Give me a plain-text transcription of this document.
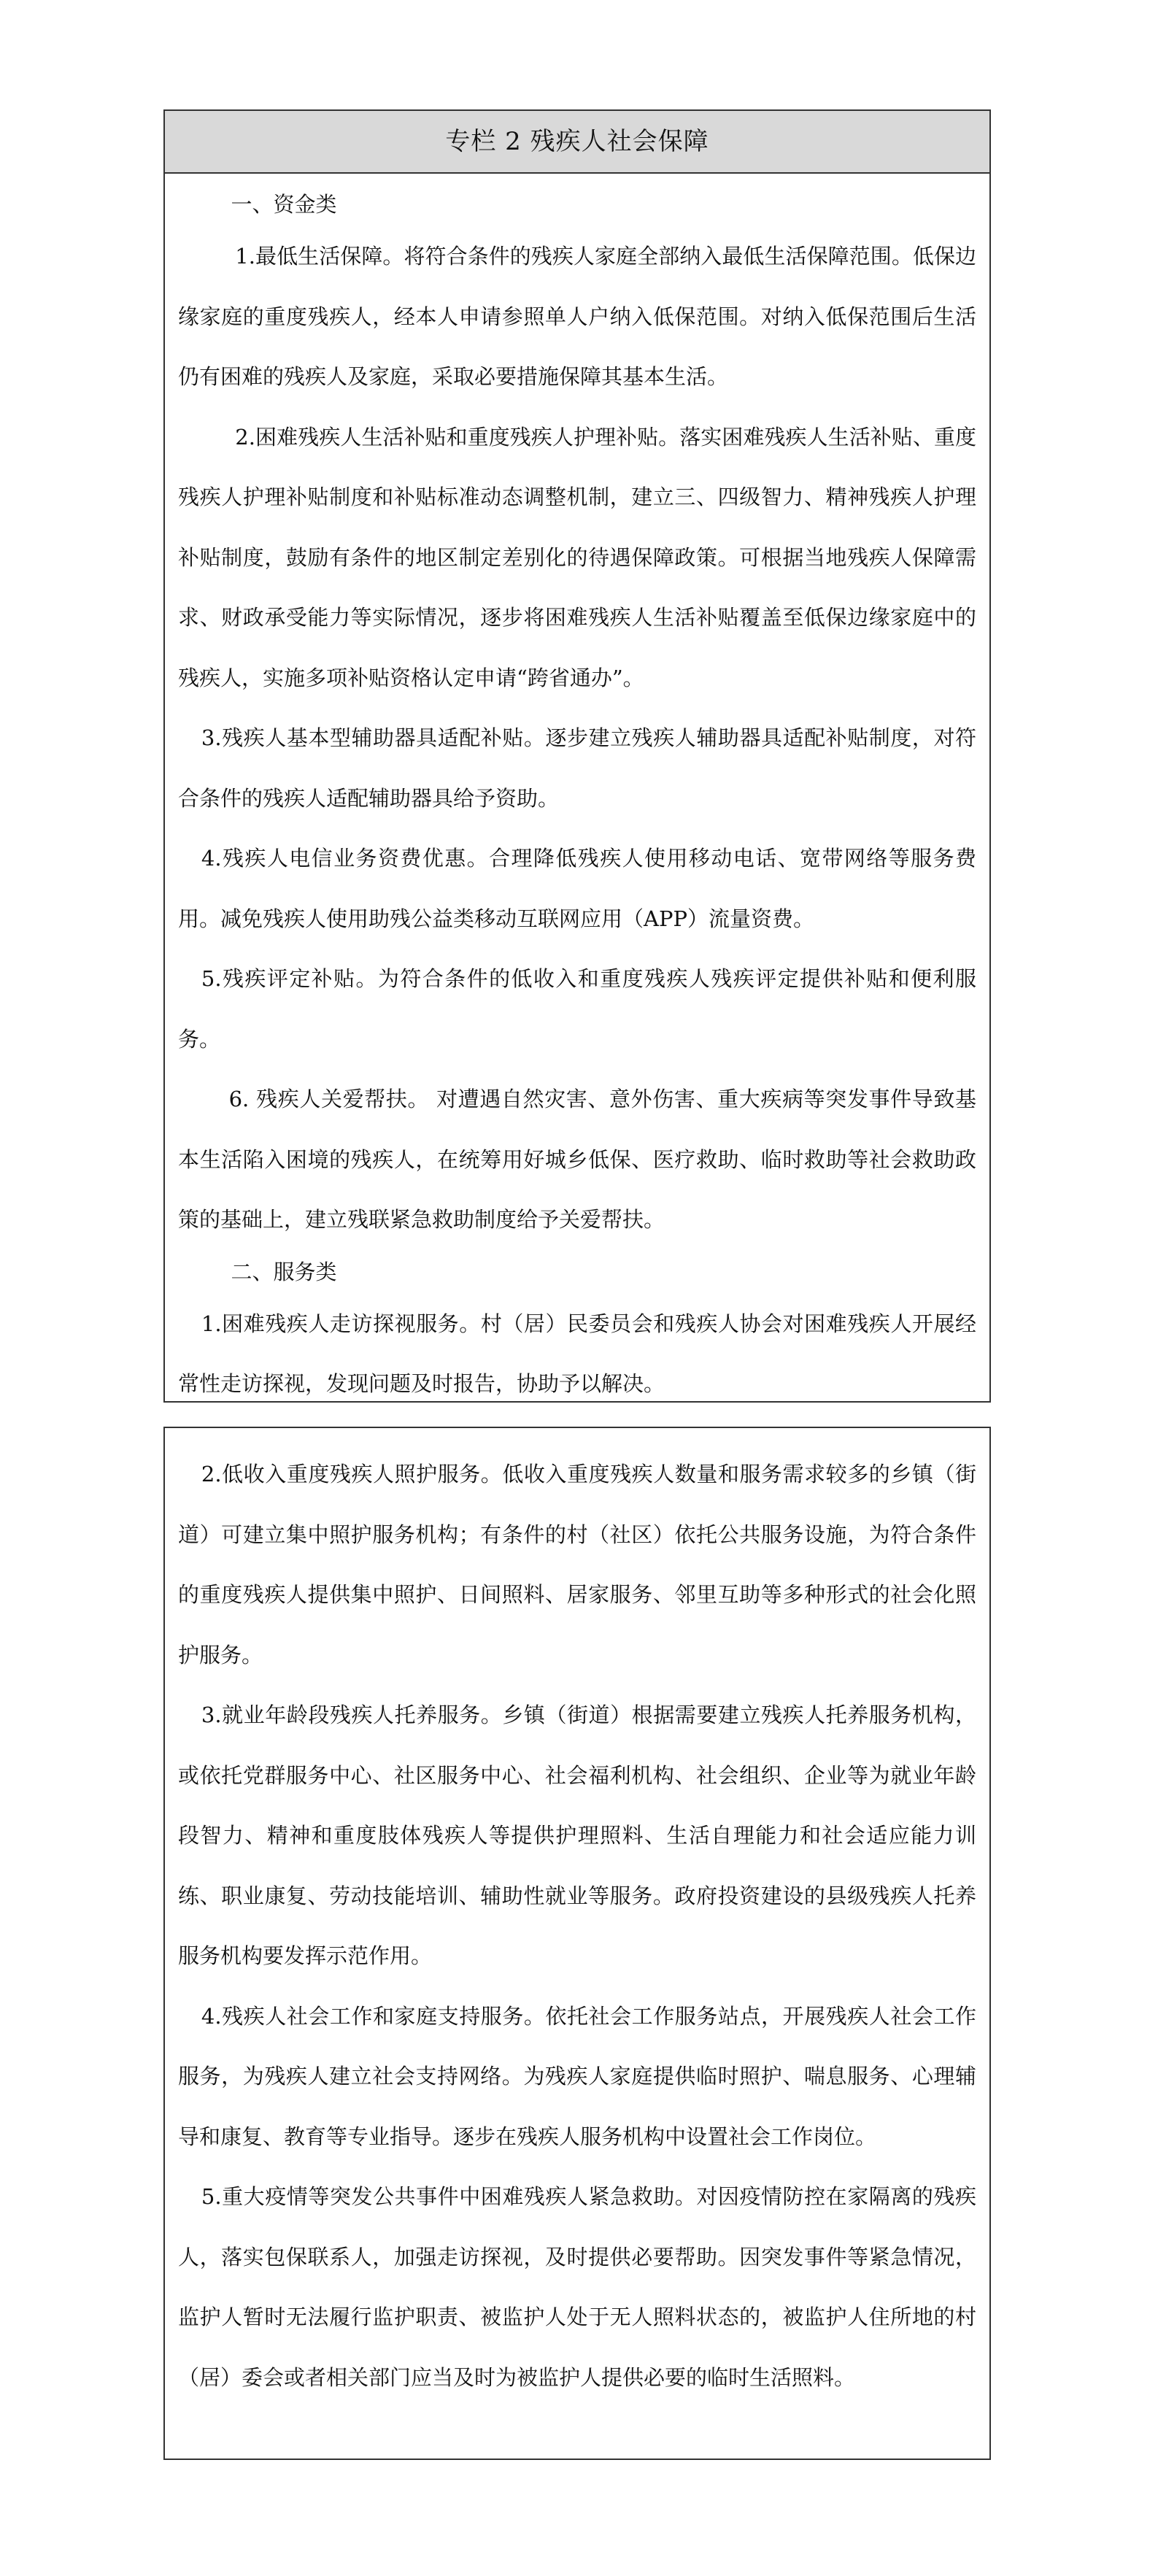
专栏 2 残疾人社会保障

一、资金类

1.最低生活保障。将符合条件的残疾人家庭全部纳入最低生活保障范围。低保边缘家庭的重度残疾人，经本人申请参照单人户纳入低保范围。对纳入低保范围后生活仍有困难的残疾人及家庭，采取必要措施保障其基本生活。

2.困难残疾人生活补贴和重度残疾人护理补贴。落实困难残疾人生活补贴、重度残疾人护理补贴制度和补贴标准动态调整机制，建立三、四级智力、精神残疾人护理补贴制度，鼓励有条件的地区制定差别化的待遇保障政策。可根据当地残疾人保障需求、财政承受能力等实际情况，逐步将困难残疾人生活补贴覆盖至低保边缘家庭中的残疾人，实施多项补贴资格认定申请“跨省通办”。

3.残疾人基本型辅助器具适配补贴。逐步建立残疾人辅助器具适配补贴制度，对符合条件的残疾人适配辅助器具给予资助。

4.残疾人电信业务资费优惠。合理降低残疾人使用移动电话、宽带网络等服务费用。减免残疾人使用助残公益类移动互联网应用（APP）流量资费。

5.残疾评定补贴。为符合条件的低收入和重度残疾人残疾评定提供补贴和便利服务。

6. 残疾人关爱帮扶。 对遭遇自然灾害、意外伤害、重大疾病等突发事件导致基本生活陷入困境的残疾人，在统筹用好城乡低保、医疗救助、临时救助等社会救助政策的基础上，建立残联紧急救助制度给予关爱帮扶。

二、服务类

1.困难残疾人走访探视服务。村（居）民委员会和残疾人协会对困难残疾人开展经常性走访探视，发现问题及时报告，协助予以解决。

2.低收入重度残疾人照护服务。低收入重度残疾人数量和服务需求较多的乡镇（街道）可建立集中照护服务机构；有条件的村（社区）依托公共服务设施，为符合条件的重度残疾人提供集中照护、日间照料、居家服务、邻里互助等多种形式的社会化照护服务。

3.就业年龄段残疾人托养服务。乡镇（街道）根据需要建立残疾人托养服务机构，或依托党群服务中心、社区服务中心、社会福利机构、社会组织、企业等为就业年龄段智力、精神和重度肢体残疾人等提供护理照料、生活自理能力和社会适应能力训练、职业康复、劳动技能培训、辅助性就业等服务。政府投资建设的县级残疾人托养服务机构要发挥示范作用。

4.残疾人社会工作和家庭支持服务。依托社会工作服务站点，开展残疾人社会工作服务，为残疾人建立社会支持网络。为残疾人家庭提供临时照护、喘息服务、心理辅导和康复、教育等专业指导。逐步在残疾人服务机构中设置社会工作岗位。

5.重大疫情等突发公共事件中困难残疾人紧急救助。对因疫情防控在家隔离的残疾人，落实包保联系人，加强走访探视，及时提供必要帮助。因突发事件等紧急情况，监护人暂时无法履行监护职责、被监护人处于无人照料状态的，被监护人住所地的村（居）委会或者相关部门应当及时为被监护人提供必要的临时生活照料。
